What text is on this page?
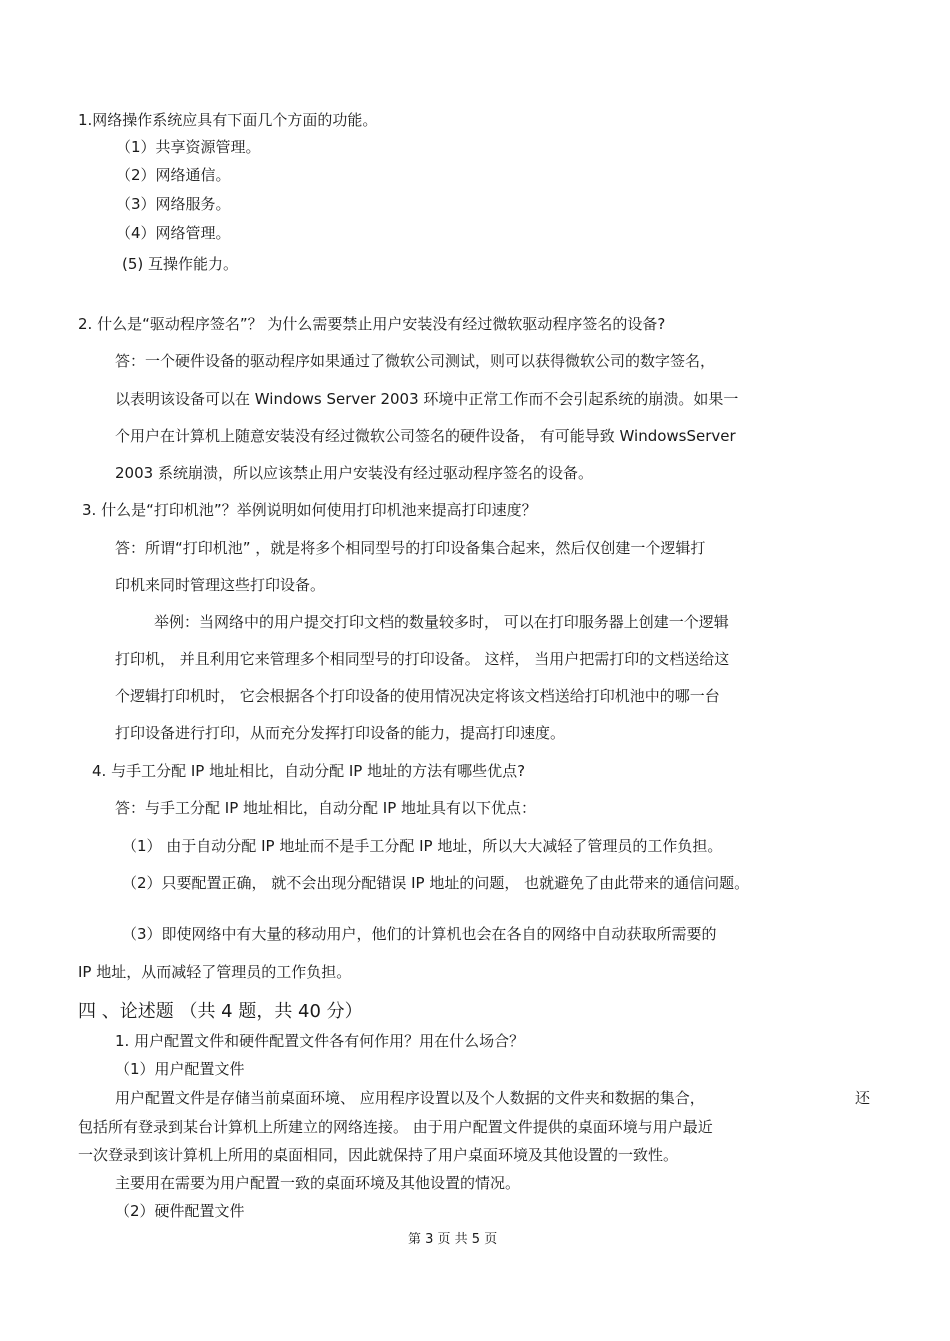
1.网络操作系统应具有下面几个方面的功能。
（1）共享资源管理。
（2）网络通信。
（3）网络服务。
（4）网络管理。
(5) 互操作能力。
2. 什么是“驱动程序签名”？ 为什么需要禁止用户安装没有经过微软驱动程序签名的设备?
答：一个硬件设备的驱动程序如果通过了微软公司测试，则可以获得微软公司的数字签名，
以表明该设备可以在 Windows Server 2003 环境中正常工作而不会引起系统的崩溃。如果一
个用户在计算机上随意安装没有经过微软公司签名的硬件设备， 有可能导致 WindowsServer
2003 系统崩溃，所以应该禁止用户安装没有经过驱动程序签名的设备。
3. 什么是“打印机池”？举例说明如何使用打印机池来提高打印速度？
答：所谓“打印机池” ，就是将多个相同型号的打印设备集合起来，然后仅创建一个逻辑打
印机来同时管理这些打印设备。
举例：当网络中的用户提交打印文档的数量较多时， 可以在打印服务器上创建一个逻辑
打印机， 并且利用它来管理多个相同型号的打印设备。 这样， 当用户把需打印的文档送给这
个逻辑打印机时， 它会根据各个打印设备的使用情况决定将该文档送给打印机池中的哪一台
打印设备进行打印，从而充分发挥打印设备的能力，提高打印速度。
4. 与手工分配 IP 地址相比，自动分配 IP 地址的方法有哪些优点?
答：与手工分配 IP 地址相比，自动分配 IP 地址具有以下优点：
（1） 由于自动分配 IP 地址而不是手工分配 IP 地址，所以大大减轻了管理员的工作负担。
（2）只要配置正确， 就不会出现分配错误 IP 地址的问题， 也就避免了由此带来的通信问题。
（3）即使网络中有大量的移动用户，他们的计算机也会在各自的网络中自动获取所需要的
IP 地址，从而减轻了管理员的工作负担。
四 、论述题 （共 4 题，共 40 分）
1. 用户配置文件和硬件配置文件各有何作用？用在什么场合？
（1）用户配置文件
用户配置文件是存储当前桌面环境、 应用程序设置以及个人数据的文件夹和数据的集合，	还
包括所有登录到某台计算机上所建立的网络连接。 由于用户配置文件提供的桌面环境与用户最近
一次登录到该计算机上所用的桌面相同，因此就保持了用户桌面环境及其他设置的一致性。
主要用在需要为用户配置一致的桌面环境及其他设置的情况。
（2）硬件配置文件
第 3 页 共 5 页
